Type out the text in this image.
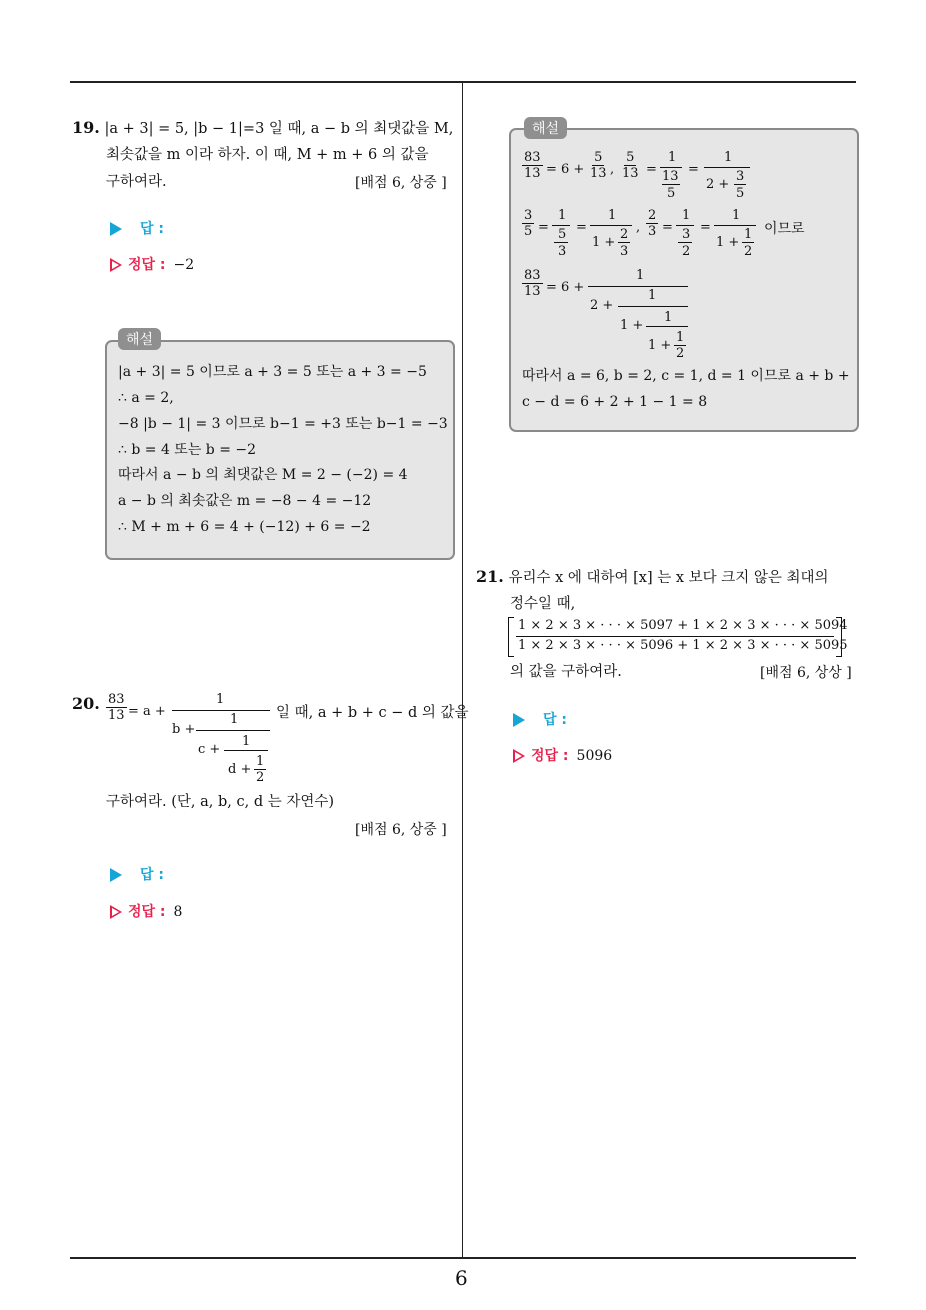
6
19. |a + 3| = 5, |b − 1|=3 일 때, a − b 의 최댓값을 M,
최솟값을 m 이라 하자. 이 때, M + m + 6 의 값을
구하여라.	[배점 6, 상중 ]
답 :
정답 : −2
해설
|a + 3| = 5 이므로 a + 3 = 5 또는 a + 3 = −5
∴ a = 2,
−8 |b − 1| = 3 이므로 b−1 = +3 또는 b−1 = −3
∴ b = 4 또는 b = −2
따라서 a − b 의 최댓값은 M = 2 − (−2) = 4
a − b 의 최솟값은 m = −8 − 4 = −12
∴ M + m + 6 = 4 + (−12) + 6 = −2
20. $\frac{83}{13} = a$ +
1
b +
1
c +
1
d +
1
2
일 때, a + b + c − d 의 값을
구하여라. (단, a, b, c, d 는 자연수)
[배점 6, 상중 ]
답 :
정답 : 8
해설
$\frac{83}{13} = 6 + \frac{5}{13}$ , $\frac{5}{13}$ =
1
13
5
=
1
2 +
3
5
$\frac{3}{5}$ =
1
5
3
=
1
1 +
2
3
, $\frac{2}{3}$ =
1
3
2
=
1
1 +
1
2
이므로
$\frac{83}{13} = 6$ +
1
2 +
1
1 +
1
1 +
1
2
따라서 a = 6, b = 2, c = 1, d = 1 이므로 a + b +
c − d = 6 + 2 + 1 − 1 = 8
21. 유리수 x 에 대하여 [x] 는 x 보다 크지 않은 최대의
정수일 때,
1 × 2 × 3 × · · · × 5097 + 1 × 2 × 3 × · · · × 5094
1 × 2 × 3 × · · · × 5096 + 1 × 2 × 3 × · · · × 5095
의 값을 구하여라.	[배점 6, 상상 ]
답 :
정답 : 5096
